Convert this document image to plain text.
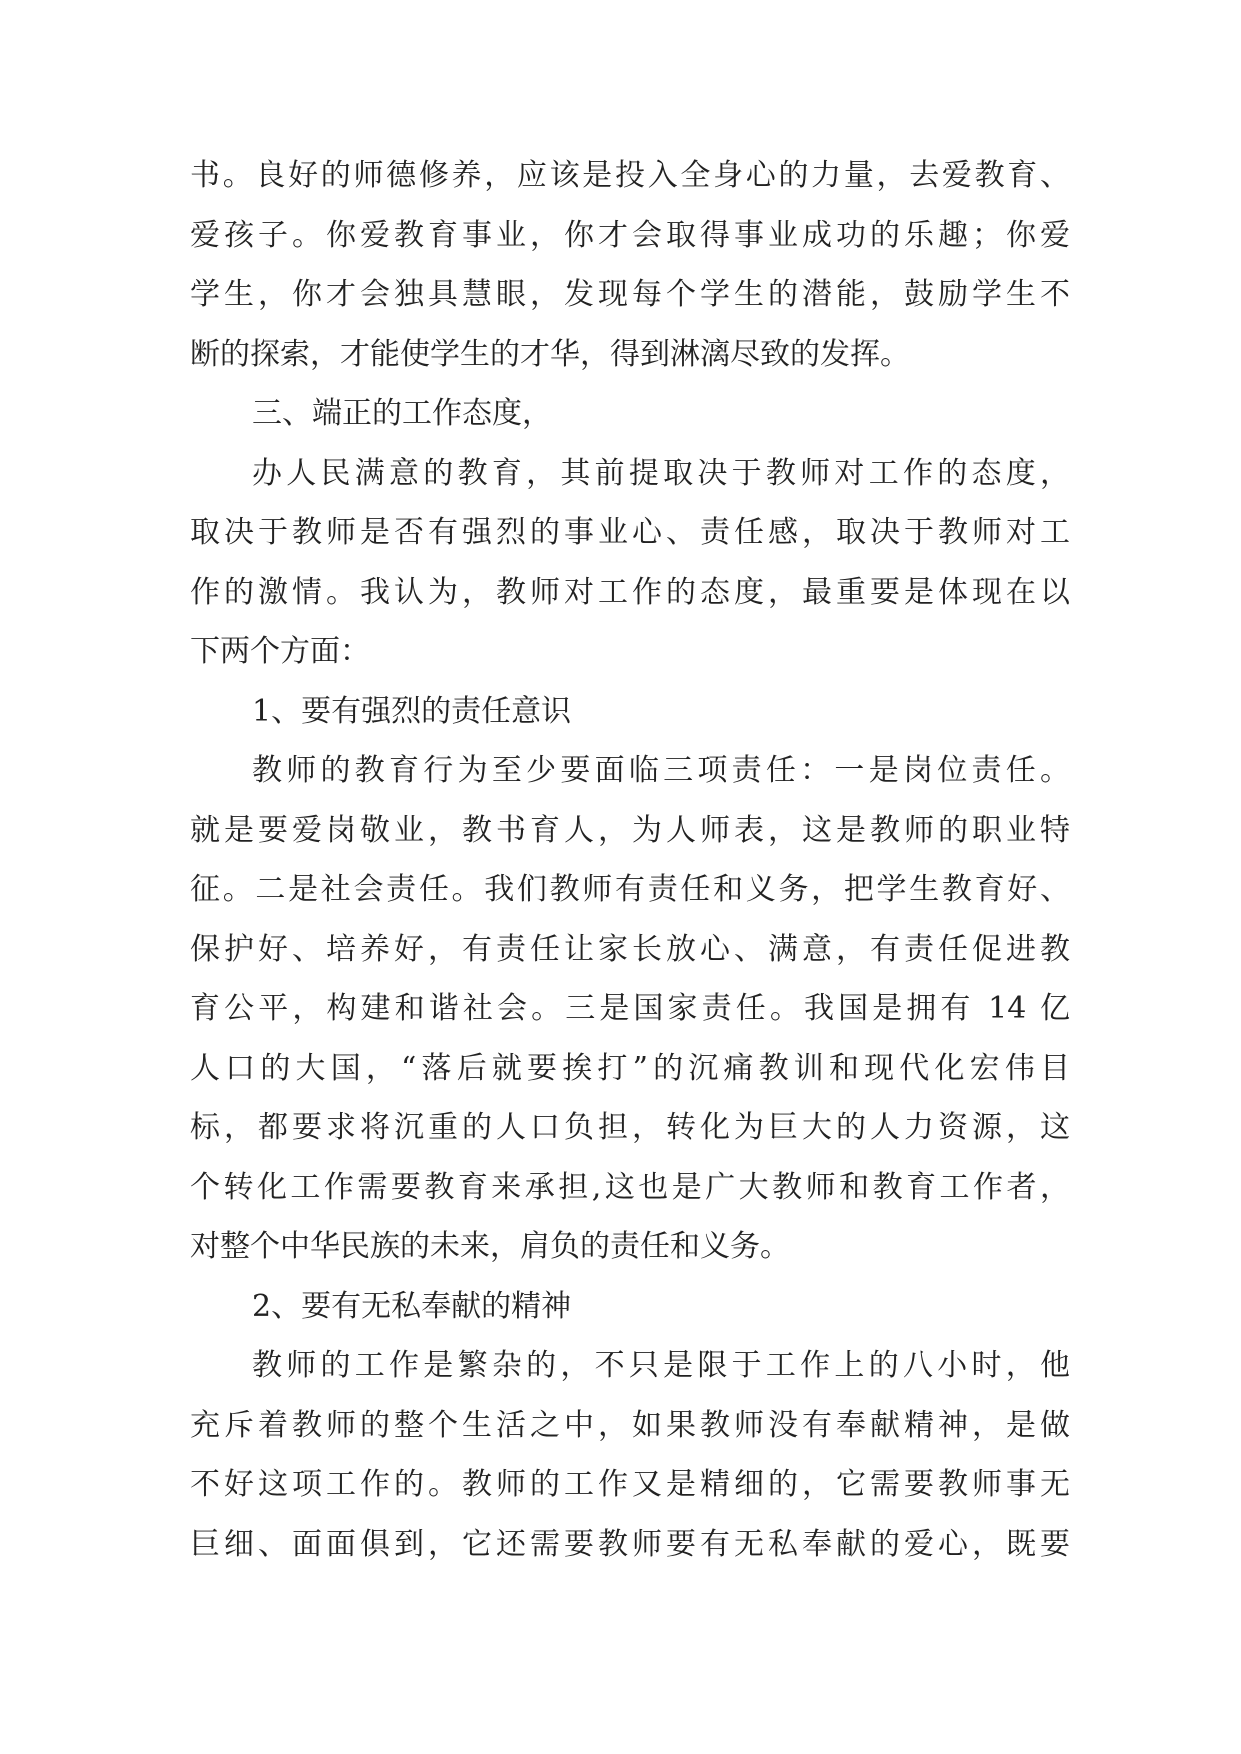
书。良好的师德修养，应该是投入全身心的力量，去爱教育、
爱孩子。你爱教育事业，你才会取得事业成功的乐趣；你爱
学生，你才会独具慧眼，发现每个学生的潜能，鼓励学生不
断的探索，才能使学生的才华，得到淋漓尽致的发挥。
三、端正的工作态度，
办人民满意的教育，其前提取决于教师对工作的态度，
取决于教师是否有强烈的事业心、责任感，取决于教师对工
作的激情。我认为，教师对工作的态度，最重要是体现在以
下两个方面：
1、要有强烈的责任意识
教师的教育行为至少要面临三项责任：一是岗位责任。
就是要爱岗敬业，教书育人，为人师表，这是教师的职业特
征。二是社会责任。我们教师有责任和义务，把学生教育好、
保护好、培养好，有责任让家长放心、满意，有责任促进教
育公平，构建和谐社会。三是国家责任。我国是拥有 14 亿
人口的大国，“落后就要挨打”的沉痛教训和现代化宏伟目
标，都要求将沉重的人口负担，转化为巨大的人力资源，这
个转化工作需要教育来承担,这也是广大教师和教育工作者，
对整个中华民族的未来，肩负的责任和义务。
2、要有无私奉献的精神
教师的工作是繁杂的，不只是限于工作上的八小时，他
充斥着教师的整个生活之中，如果教师没有奉献精神，是做
不好这项工作的。教师的工作又是精细的，它需要教师事无
巨细、面面俱到，它还需要教师要有无私奉献的爱心，既要
